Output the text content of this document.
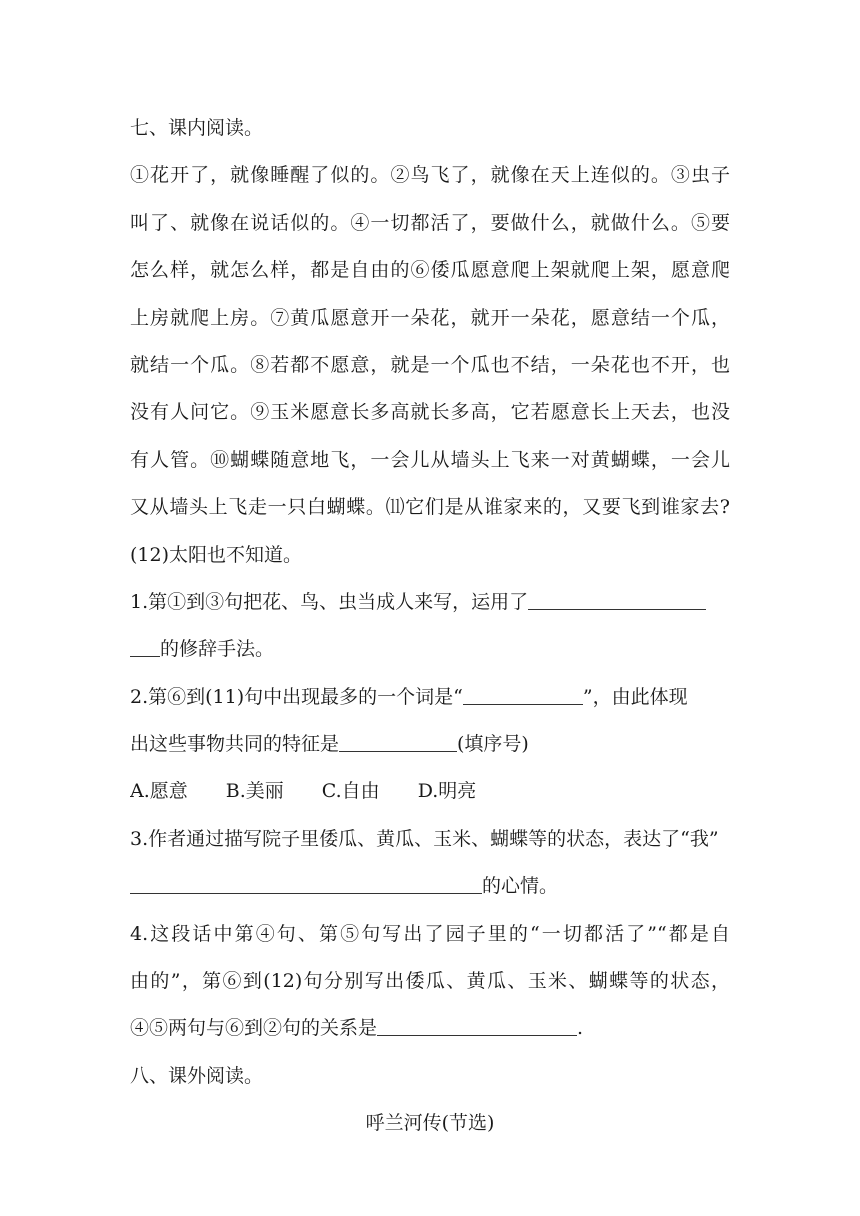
七、课内阅读。
①花开了，就像睡醒了似的。②鸟飞了，就像在天上连似的。③虫子
叫了、就像在说话似的。④一切都活了，要做什么，就做什么。⑤要
怎么样，就怎么样，都是自由的⑥倭瓜愿意爬上架就爬上架，愿意爬
上房就爬上房。⑦黄瓜愿意开一朵花，就开一朵花，愿意结一个瓜，
就结一个瓜。⑧若都不愿意，就是一个瓜也不结，一朵花也不开，也
没有人问它。⑨玉米愿意长多高就长多高，它若愿意长上天去，也没
有人管。⑩蝴蝶随意地飞，一会儿从墙头上飞来一对黄蝴蝶，一会儿
又从墙头上飞走一只白蝴蝶。⑾它们是从谁家来的，又要飞到谁家去?
(12)太阳也不知道。
1.第①到③句把花、鸟、虫当成人来写，运用了
的修辞手法。
2.第⑥到(11)句中出现最多的一个词是“	”，由此体现
出这些事物共同的特征是	(填序号)
A.愿意 B.美丽 C.自由 D.明亮
3.作者通过描写院子里倭瓜、黄瓜、玉米、蝴蝶等的状态，表达了“我”
的心情。
4.这段话中第④句、第⑤句写出了园子里的“一切都活了”“都是自
由的”，第⑥到(12)句分别写出倭瓜、黄瓜、玉米、蝴蝶等的状态，
④⑤两句与⑥到②句的关系是	.
八、课外阅读。
呼兰河传(节选)
